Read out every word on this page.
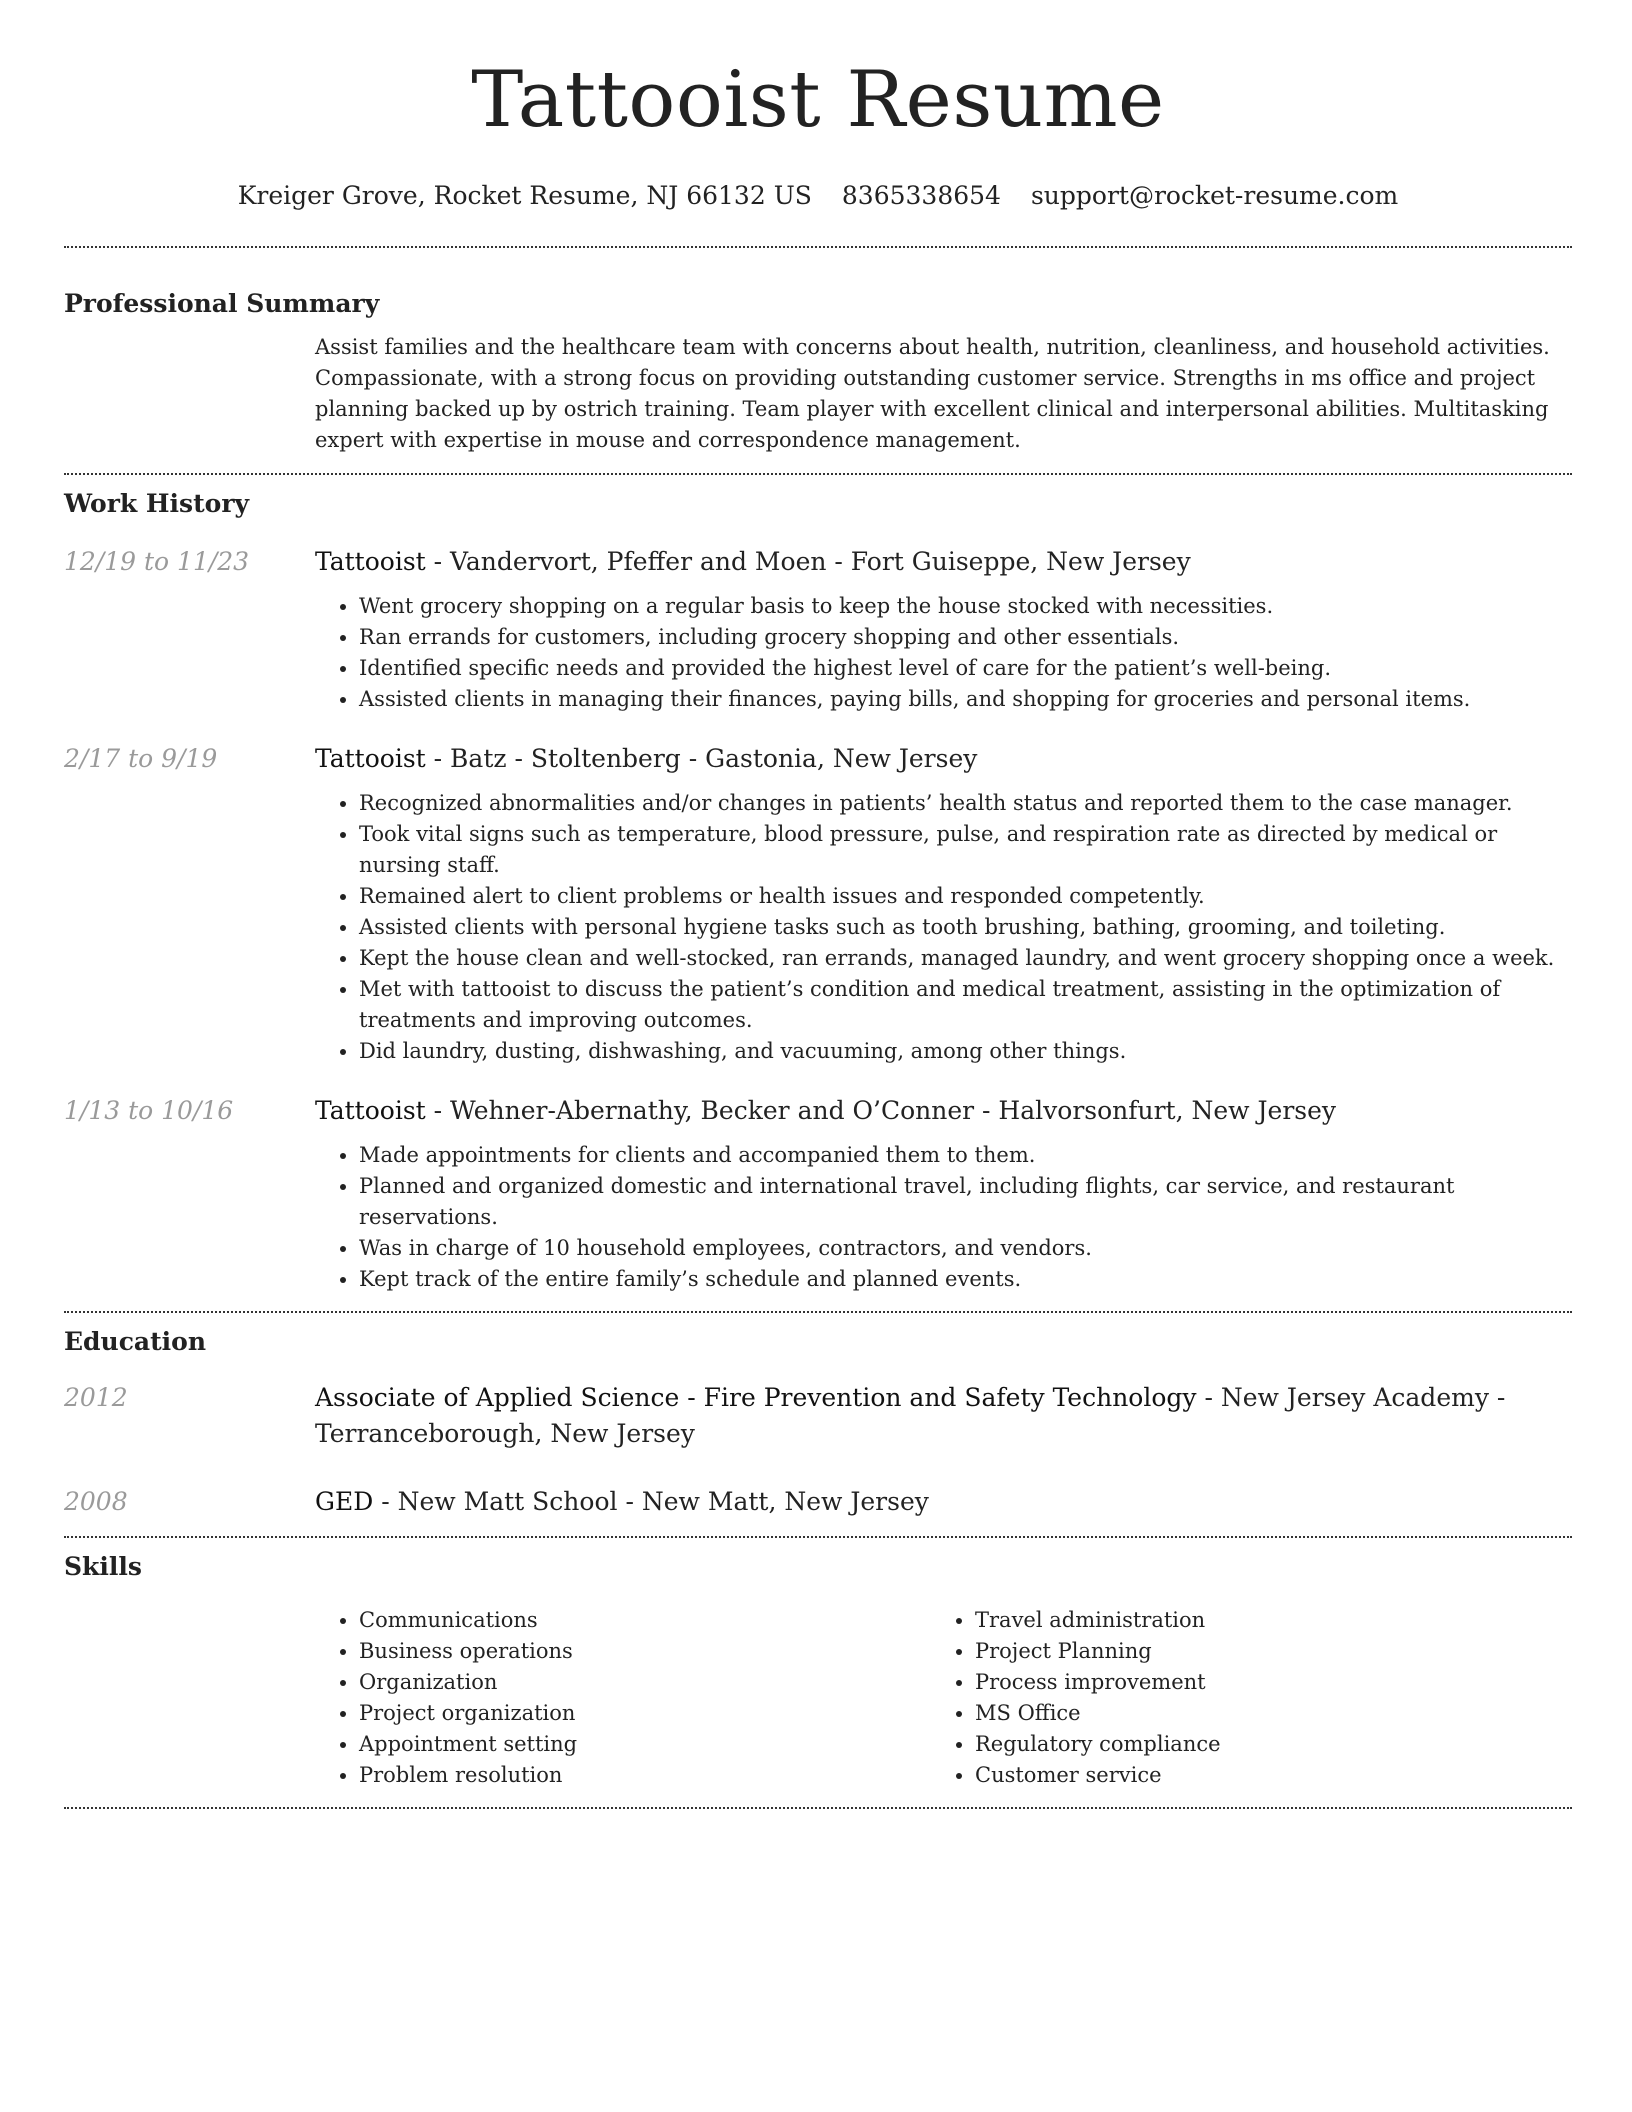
Tattooist Resume
Kreiger Grove, Rocket Resume, NJ 66132 US 8365338654 support@rocket-resume.com
Professional Summary
Assist families and the healthcare team with concerns about health, nutrition, cleanliness, and household activities. Compassionate, with a strong focus on providing outstanding customer service. Strengths in ms office and project planning backed up by ostrich training. Team player with excellent clinical and interpersonal abilities. Multitasking expert with expertise in mouse and correspondence management.
Work History
12/19 to 11/23	Tattooist - Vandervort, Pfeffer and Moen - Fort Guiseppe, New Jersey
• Went grocery shopping on a regular basis to keep the house stocked with necessities.
• Ran errands for customers, including grocery shopping and other essentials.
• Identified specific needs and provided the highest level of care for the patient’s well-being.
• Assisted clients in managing their finances, paying bills, and shopping for groceries and personal items.
2/17 to 9/19	Tattooist - Batz - Stoltenberg - Gastonia, New Jersey
• Recognized abnormalities and/or changes in patients’ health status and reported them to the case manager.
• Took vital signs such as temperature, blood pressure, pulse, and respiration rate as directed by medical or nursing staff.
• Remained alert to client problems or health issues and responded competently.
• Assisted clients with personal hygiene tasks such as tooth brushing, bathing, grooming, and toileting.
• Kept the house clean and well-stocked, ran errands, managed laundry, and went grocery shopping once a week.
• Met with tattooist to discuss the patient’s condition and medical treatment, assisting in the optimization of treatments and improving outcomes.
• Did laundry, dusting, dishwashing, and vacuuming, among other things.
1/13 to 10/16	Tattooist - Wehner-Abernathy, Becker and O’Conner - Halvorsonfurt, New Jersey
• Made appointments for clients and accompanied them to them.
• Planned and organized domestic and international travel, including flights, car service, and restaurant reservations.
• Was in charge of 10 household employees, contractors, and vendors.
• Kept track of the entire family’s schedule and planned events.
Education
2012	Associate of Applied Science - Fire Prevention and Safety Technology - New Jersey Academy - Terranceborough, New Jersey
2008	GED - New Matt School - New Matt, New Jersey
Skills
• Communications
• Business operations
• Organization
• Project organization
• Appointment setting
• Problem resolution
• Travel administration
• Project Planning
• Process improvement
• MS Office
• Regulatory compliance
• Customer service
